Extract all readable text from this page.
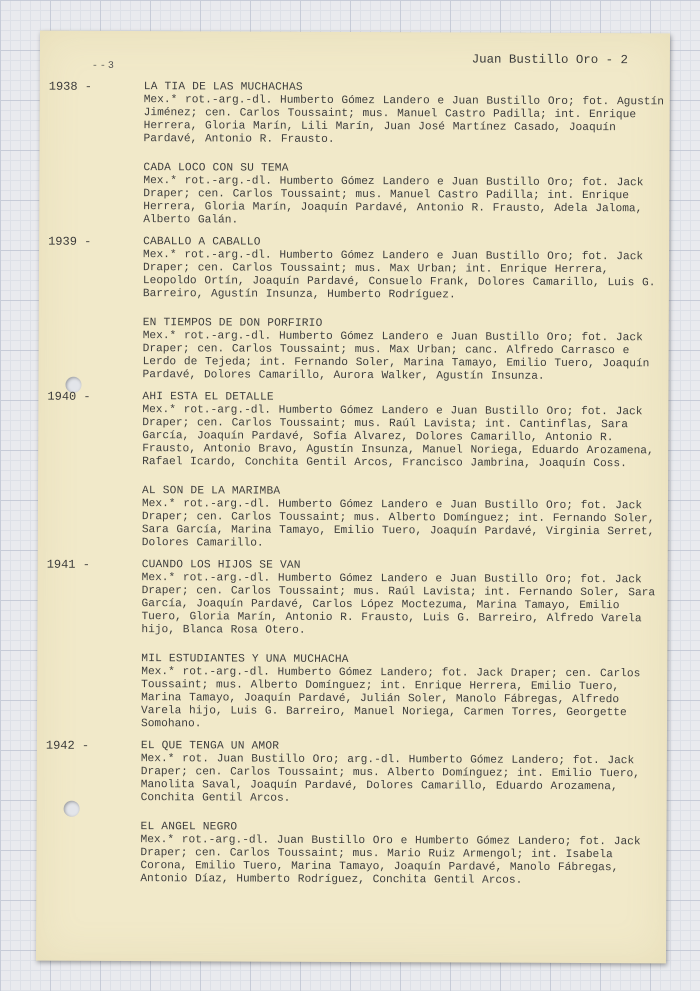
--3	Juan Bustillo Oro - 2
1938 -	LA TIA DE LAS MUCHACHAS
Mex.* rot.-arg.-dl. Humberto Gómez Landero e Juan Bustillo Oro; fot. Agustín Jiménez; cen. Carlos Toussaint; mus. Manuel Castro Padilla; int. Enrique Herrera, Gloria Marín, Lili Marín, Juan José Martínez Casado, Joaquín Pardavé, Antonio R. Frausto.
CADA LOCO CON SU TEMA
Mex.* rot.-arg.-dl. Humberto Gómez Landero e Juan Bustillo Oro; fot. Jack Draper; cen. Carlos Toussaint; mus. Manuel Castro Padilla; int. Enrique Herrera, Gloria Marín, Joaquín Pardavé, Antonio R. Frausto, Adela Jaloma, Alberto Galán.
1939 -	CABALLO A CABALLO
Mex.* rot.-arg.-dl. Humberto Gómez Landero e Juan Bustillo Oro; fot. Jack Draper; cen. Carlos Toussaint; mus. Max Urban; int. Enrique Herrera, Leopoldo Ortín, Joaquín Pardavé, Consuelo Frank, Dolores Camarillo, Luis G. Barreiro, Agustín Insunza, Humberto Rodríguez.
EN TIEMPOS DE DON PORFIRIO
Mex.* rot.-arg.-dl. Humberto Gómez Landero e Juan Bustillo Oro; fot. Jack Draper; cen. Carlos Toussaint; mus. Max Urban; canc. Alfredo Carrasco e Lerdo de Tejeda; int. Fernando Soler, Marina Tamayo, Emilio Tuero, Joaquín Pardavé, Dolores Camarillo, Aurora Walker, Agustín Insunza.
1940 -	AHI ESTA EL DETALLE
Mex.* rot.-arg.-dl. Humberto Gómez Landero e Juan Bustillo Oro; fot. Jack Draper; cen. Carlos Toussaint; mus. Raúl Lavista; int. Cantinflas, Sara García, Joaquín Pardavé, Sofía Alvarez, Dolores Camarillo, Antonio R. Frausto, Antonio Bravo, Agustín Insunza, Manuel Noriega, Eduardo Arozamena, Rafael Icardo, Conchita Gentil Arcos, Francisco Jambrina, Joaquín Coss.
AL SON DE LA MARIMBA
Mex.* rot.-arg.-dl. Humberto Gómez Landero e Juan Bustillo Oro; fot. Jack Draper; cen. Carlos Toussaint; mus. Alberto Domínguez; int. Fernando Soler, Sara García, Marina Tamayo, Emilio Tuero, Joaquín Pardavé, Virginia Serret, Dolores Camarillo.
1941 -	CUANDO LOS HIJOS SE VAN
Mex.* rot.-arg.-dl. Humberto Gómez Landero e Juan Bustillo Oro; fot. Jack Draper; cen. Carlos Toussaint; mus. Raúl Lavista; int. Fernando Soler, Sara García, Joaquín Pardavé, Carlos López Moctezuma, Marina Tamayo, Emilio Tuero, Gloria Marín, Antonio R. Frausto, Luis G. Barreiro, Alfredo Varela hijo, Blanca Rosa Otero.
MIL ESTUDIANTES Y UNA MUCHACHA
Mex.* rot.-arg.-dl. Humberto Gómez Landero; fot. Jack Draper; cen. Carlos Toussaint; mus. Alberto Domínguez; int. Enrique Herrera, Emilio Tuero, Marina Tamayo, Joaquín Pardavé, Julián Soler, Manolo Fábregas, Alfredo Varela hijo, Luis G. Barreiro, Manuel Noriega, Carmen Torres, Georgette Somohano.
1942 -	EL QUE TENGA UN AMOR
Mex.* rot. Juan Bustillo Oro; arg.-dl. Humberto Gómez Landero; fot. Jack Draper; cen. Carlos Toussaint; mus. Alberto Domínguez; int. Emilio Tuero, Manolita Saval, Joaquín Pardavé, Dolores Camarillo, Eduardo Arozamena, Conchita Gentil Arcos.
EL ANGEL NEGRO
Mex.* rot.-arg.-dl. Juan Bustillo Oro e Humberto Gómez Landero; fot. Jack Draper; cen. Carlos Toussaint; mus. Mario Ruiz Armengol; int. Isabela Corona, Emilio Tuero, Marina Tamayo, Joaquín Pardavé, Manolo Fábregas, Antonio Díaz, Humberto Rodríguez, Conchita Gentil Arcos.
